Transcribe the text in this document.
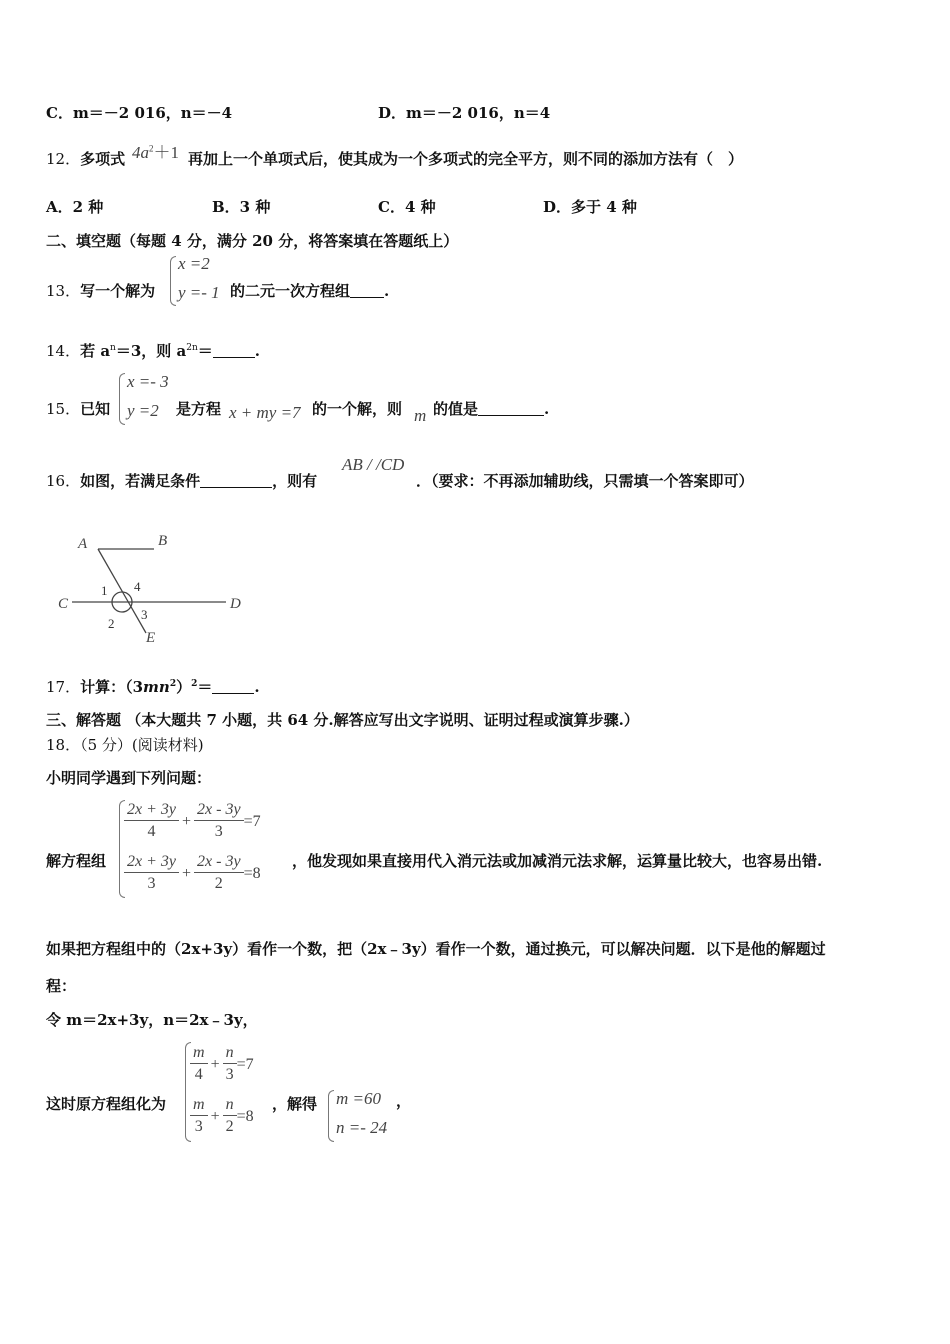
C．m＝－2 016，n＝－4	D．m＝－2 016，n＝4
12．多项式 $4a^2+1$ 再加上一个单项式后，使其成为一个多项式的完全平方，则不同的添加方法有（　）
A．2 种	B．3 种	C．4 种	D．多于 4 种
二、填空题（每题 4 分，满分 20 分，将答案填在答题纸上）
13．写一个解为
x =2
y =- 1 的二元一次方程组 .
14．若 $a^n=3$，则 $a^{2n}=$	.
15．已知
x =- 3
y =2 是方程 x + my =7 的一个解，则 m 的值是	.
16．如图，若满足条件	，则有
AB / /CD
．（要求：不再添加辅助线，只需填一个答案即可）
A	B
C	D
E
1
2
3
4
17．计算：$(3mn^2)^2=$	.
三、解答题 （本大题共 7 小题，共 64 分.解答应写出文字说明、证明过程或演算步骤.）
18．（5 分）(阅读材料)
小明同学遇到下列问题：
解方程组
$\frac{2x + 3y}{4} + \frac{2x - 3y}{3} =7$
$\frac{2x + 3y}{3} + \frac{2x - 3y}{2} =8$
，他发现如果直接用代入消元法或加减消元法求解，运算量比较大，也容易出错.
如果把方程组中的（2x+3y）看作一个数，把（2x﹣3y）看作一个数，通过换元，可以解决问题．以下是他的解题过
程：
令 m＝2x+3y，n＝2x﹣3y，
这时原方程组化为
$\frac{m}{4} + \frac{n}{3} =7$
$\frac{m}{3} + \frac{n}{2} =8$
，解得 m =60
n =- 24
，
